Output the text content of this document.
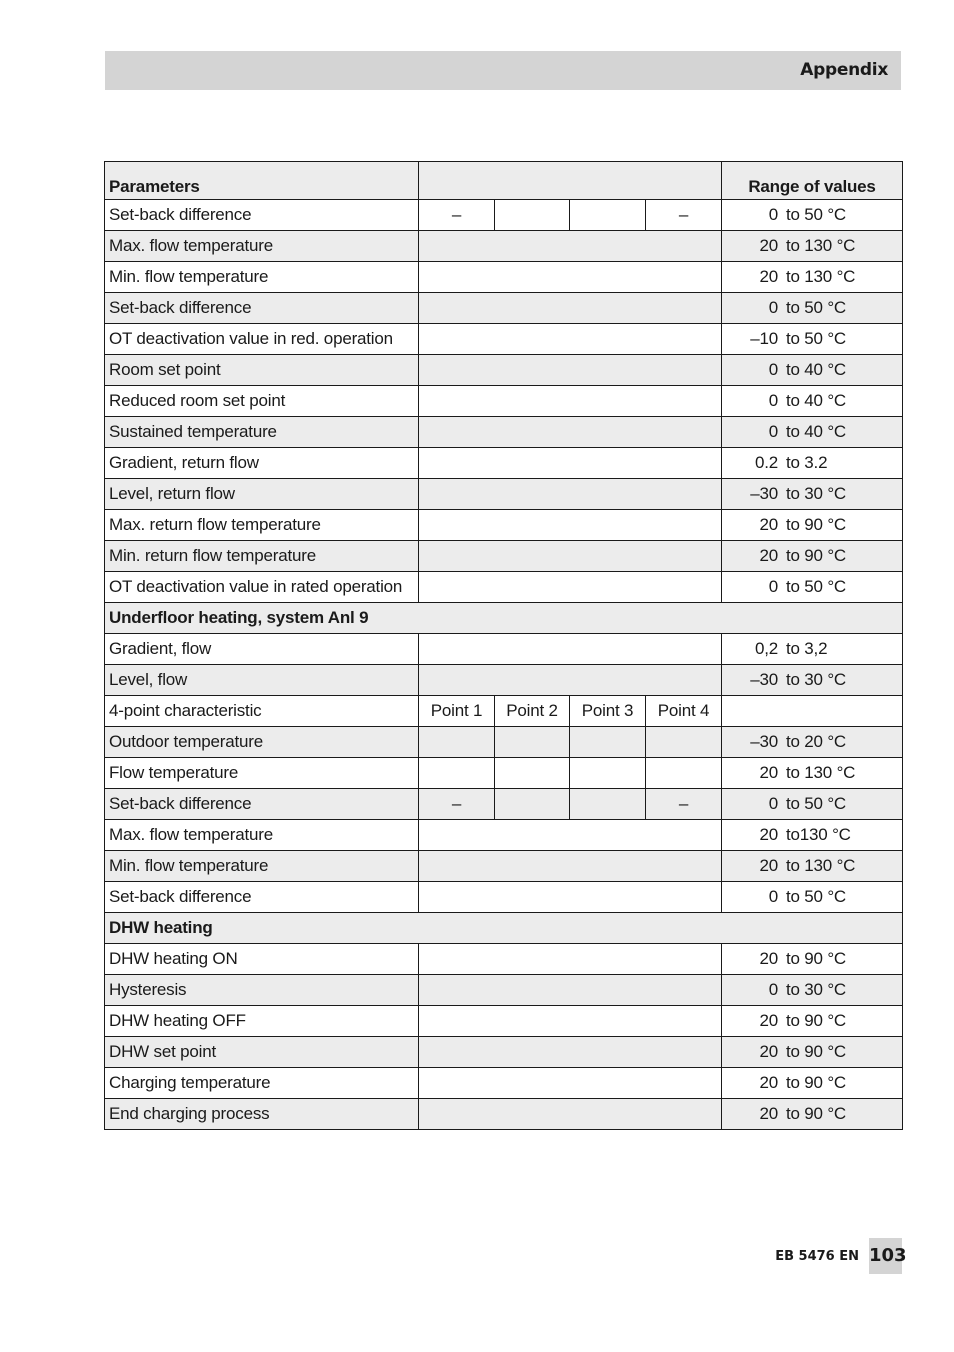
Appendix
Parameters					Range of values
Set-back difference	–			–	0 to 50 °C
Max. flow temperature					20 to 130 °C
Min. flow temperature					20 to 130 °C
Set-back difference					0 to 50 °C
OT deactivation value in red. operation					–10 to 50 °C
Room set point					0 to 40 °C
Reduced room set point					0 to 40 °C
Sustained temperature					0 to 40 °C
Gradient, return flow					0.2 to 3.2
Level, return flow					–30 to 30 °C
Max. return flow temperature					20 to 90 °C
Min. return flow temperature					20 to 90 °C
OT deactivation value in rated operation					0 to 50 °C
Underfloor heating, system Anl 9					
Gradient, flow					0,2 to 3,2
Level, flow					–30 to 30 °C
4-point characteristic	Point 1	Point 2	Point 3	Point 4	
Outdoor temperature					–30 to 20 °C
Flow temperature					20 to 130 °C
Set-back difference	–			–	0 to 50 °C
Max. flow temperature					20 to130 °C
Min. flow temperature					20 to 130 °C
Set-back difference					0 to 50 °C
DHW heating					
DHW heating ON					20 to 90 °C
Hysteresis					0 to 30 °C
DHW heating OFF					20 to 90 °C
DHW set point					20 to 90 °C
Charging temperature					20 to 90 °C
End charging process					20 to 90 °C
EB 5476 EN 103
